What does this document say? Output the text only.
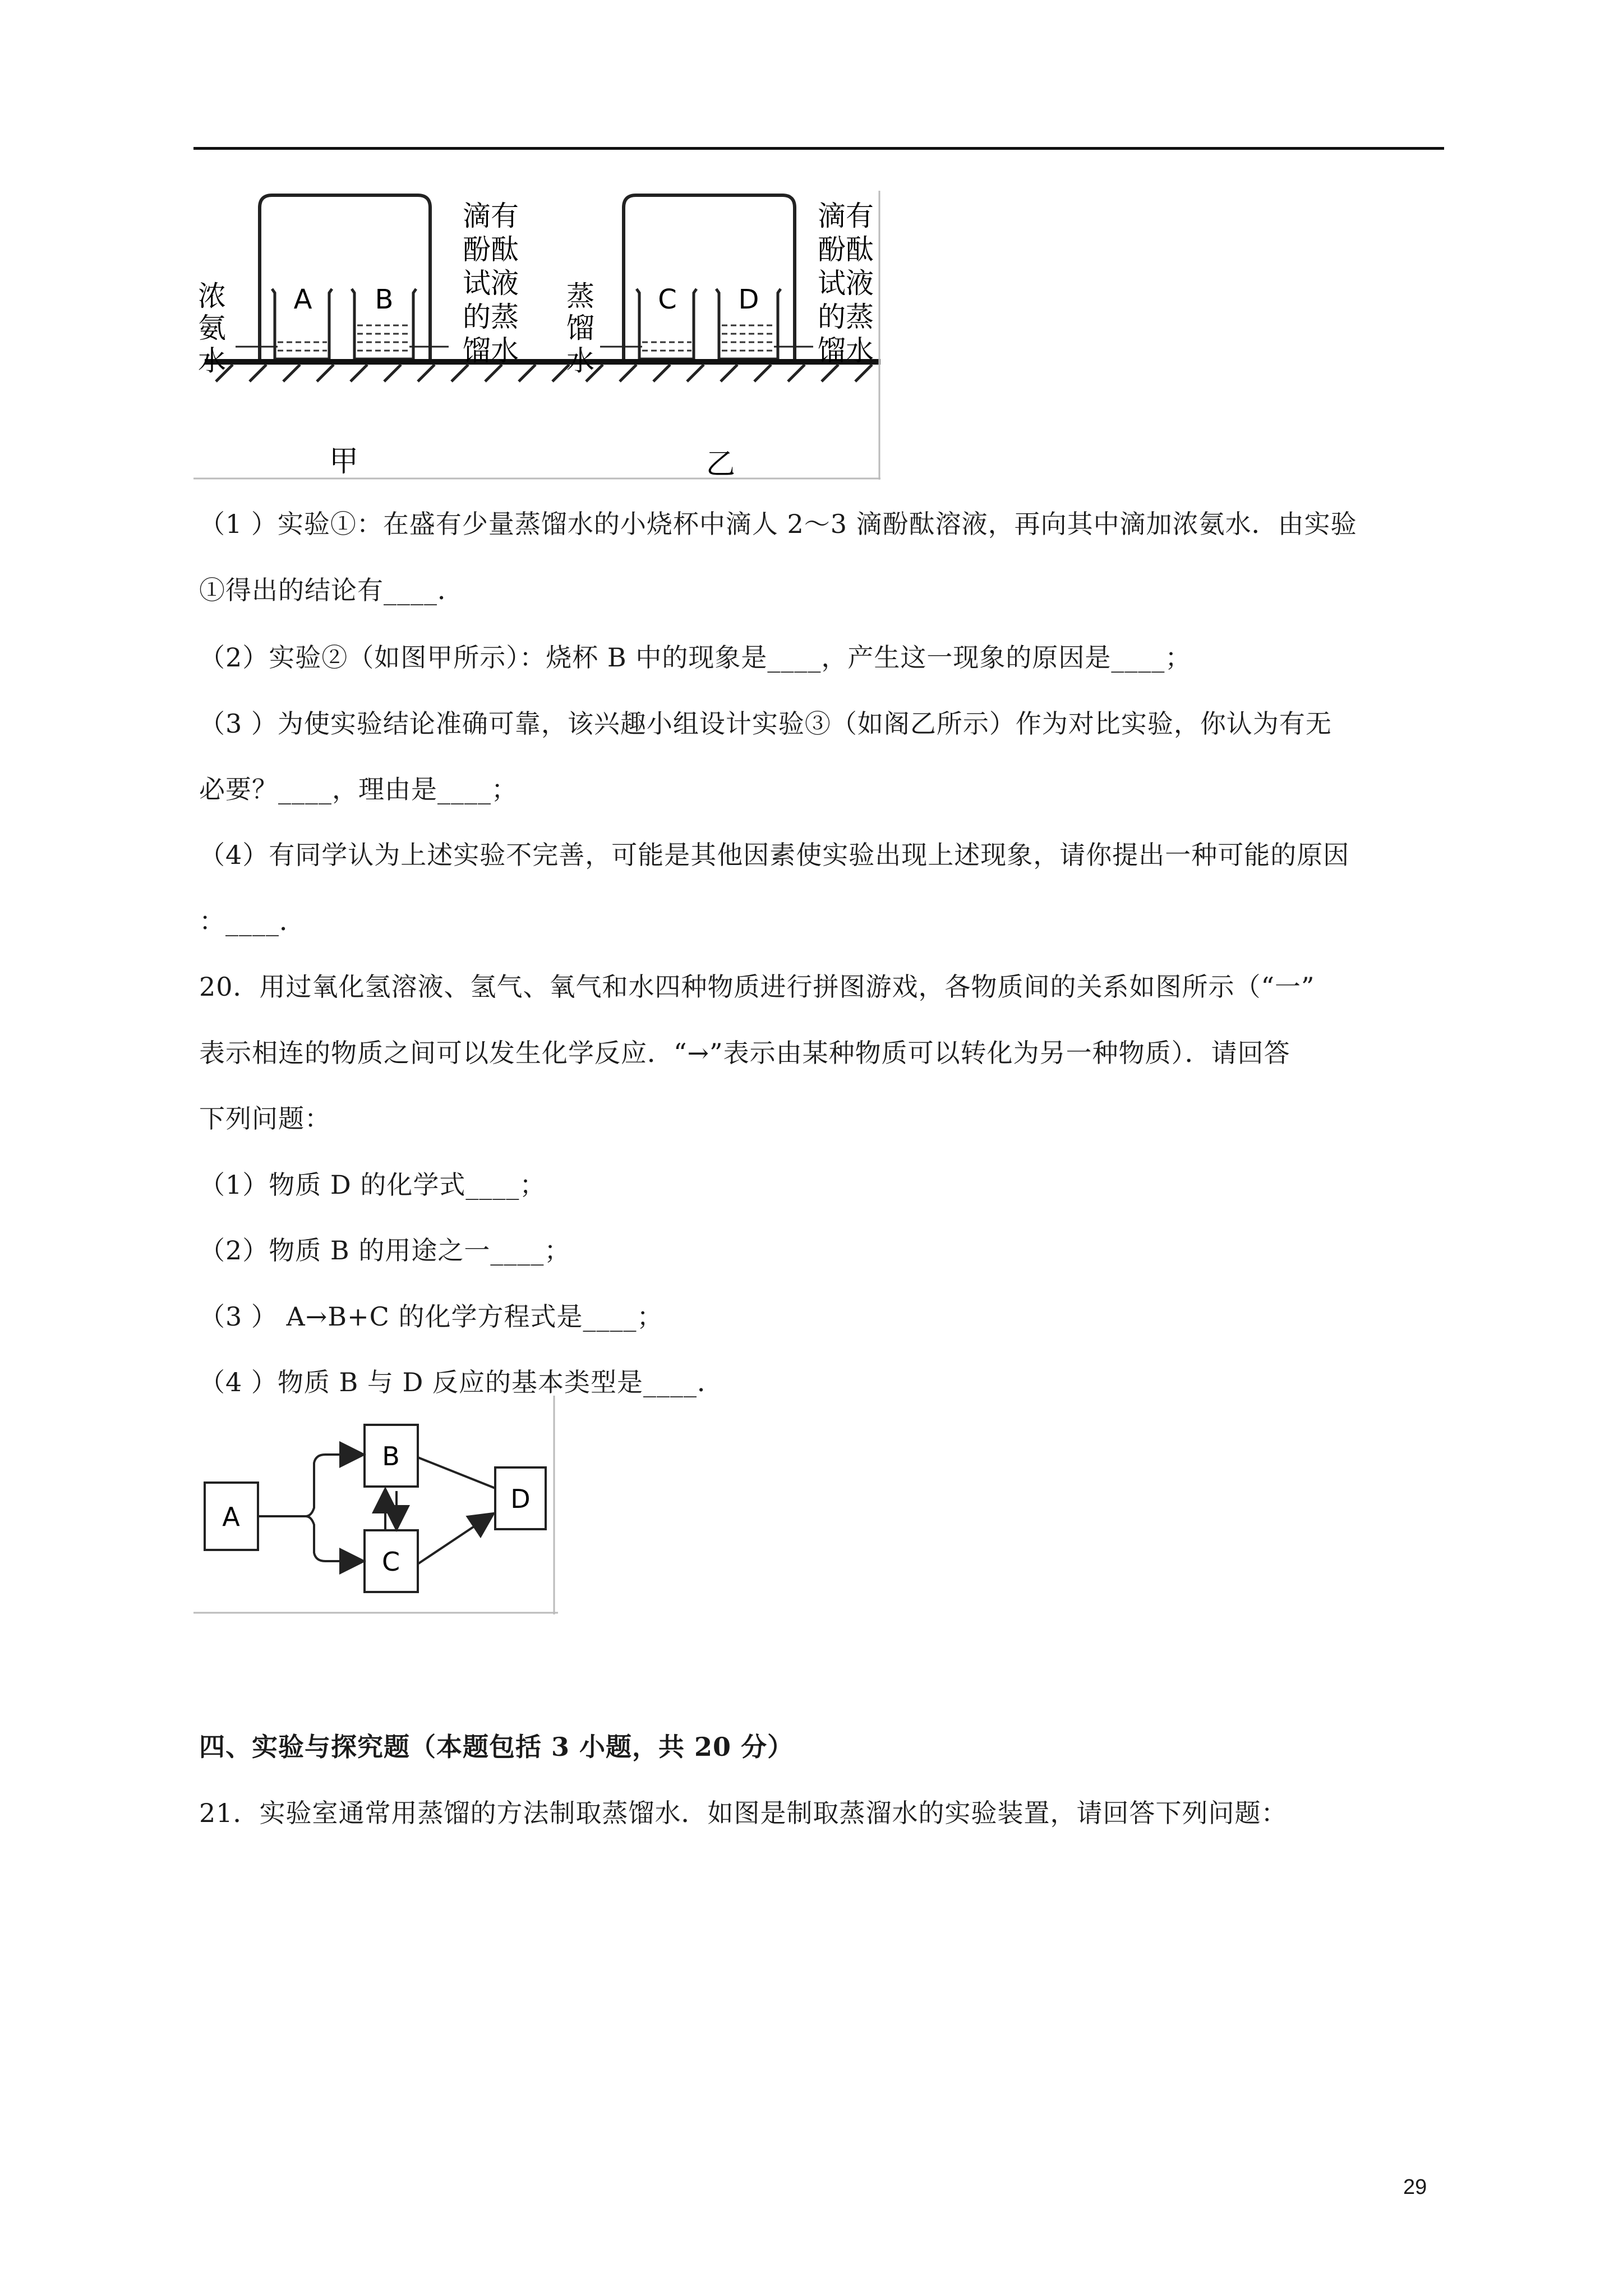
A B	C D
浓
氨
水
滴有
酚酞
试液
的蒸
馏水
蒸
馏
水
滴有
酚酞
试液
的蒸
馏水
甲	乙
（1 ）实验①：在盛有少量蒸馏水的小烧杯中滴人 2～3 滴酚酞溶液，再向其中滴加浓氨水．由实验
①得出的结论有____．
（2）实验②（如图甲所示）：烧杯 B 中的现象是____，产生这一现象的原因是____；
（3 ）为使实验结论准确可靠，该兴趣小组设计实验③（如阁乙所示）作为对比实验，你认为有无
必要？____，理由是____；
（4）有同学认为上述实验不完善，可能是其他因素使实验出现上述现象，请你提出一种可能的原因
：____．
20．用过氧化氢溶液、氢气、氧气和水四种物质进行拼图游戏，各物质间的关系如图所示（“一”
表示相连的物质之间可以发生化学反应．“→”表示由某种物质可以转化为另一种物质）．请回答
下列问题：
（1）物质 D 的化学式____；
（2）物质 B 的用途之一____；
（3 ） A→B+C 的化学方程式是____；
（4 ）物质 B 与 D 反应的基本类型是____．
A
B
C
D
四、实验与探究题（本题包括 3 小题，共 20 分）
21．实验室通常用蒸馏的方法制取蒸馏水．如图是制取蒸溜水的实验装置，请回答下列问题：
29
